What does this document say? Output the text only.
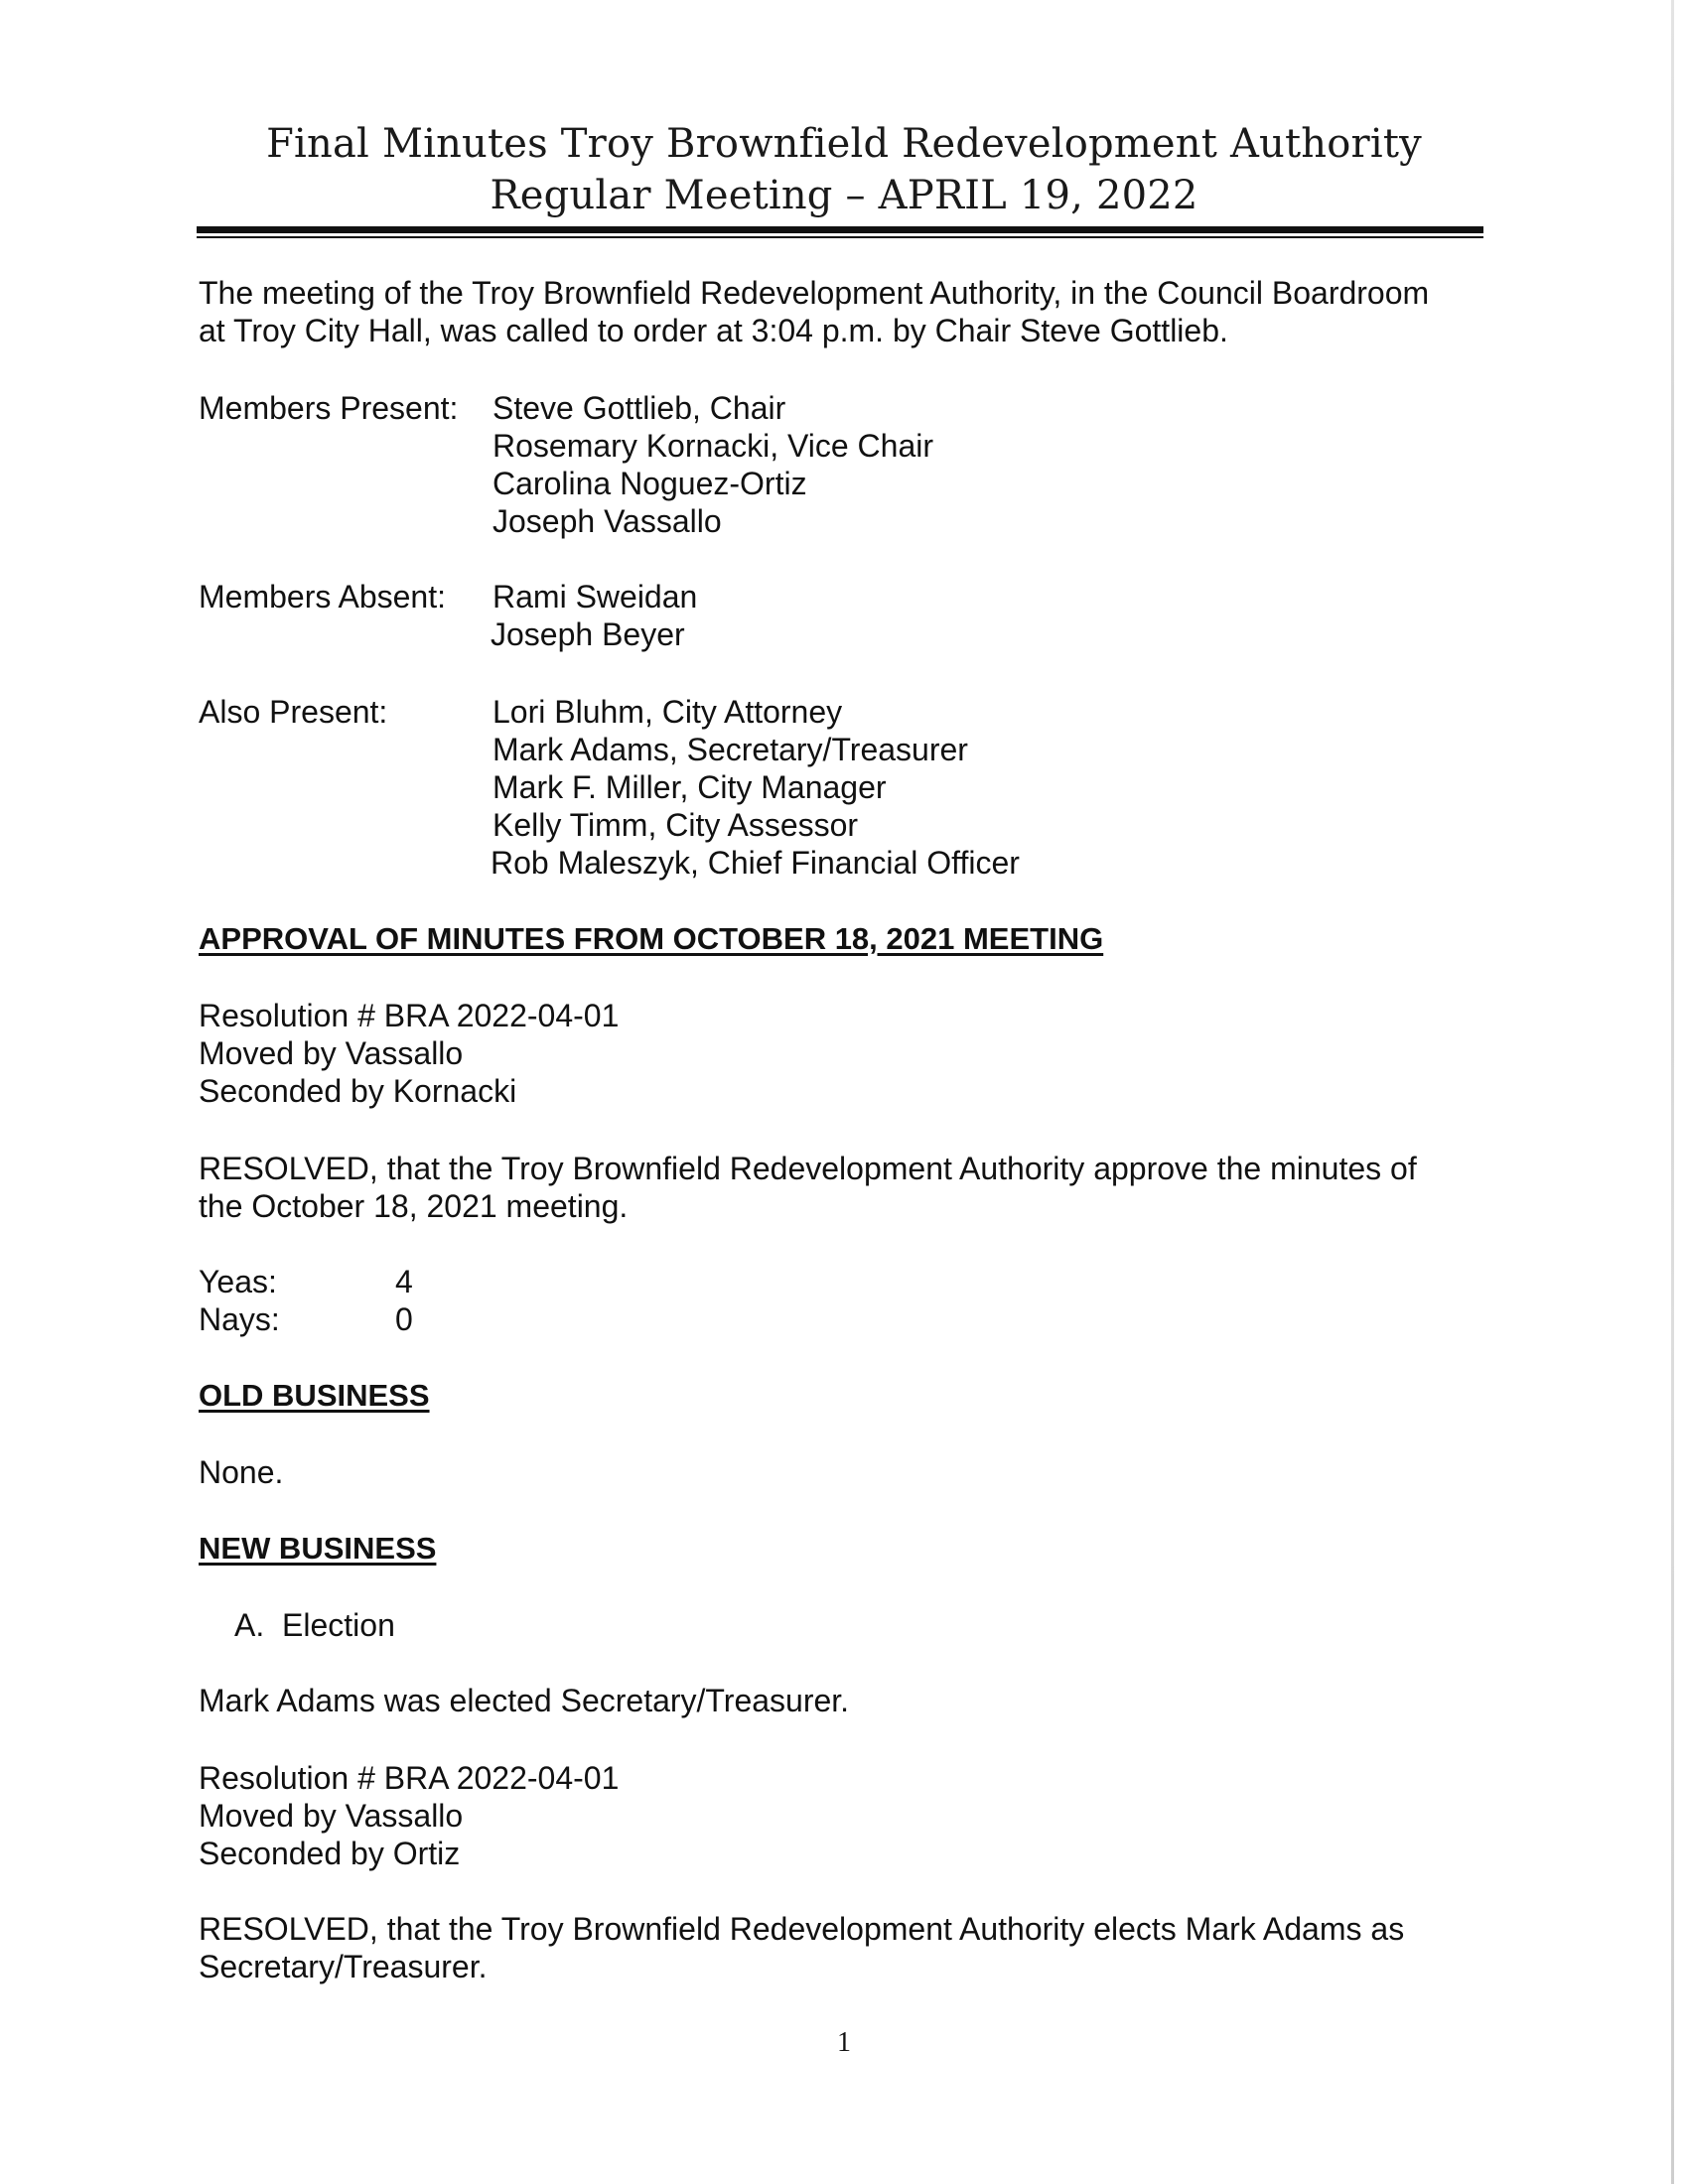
Final Minutes Troy Brownfield Redevelopment Authority
Regular Meeting – APRIL 19, 2022
The meeting of the Troy Brownfield Redevelopment Authority, in the Council Boardroom
at Troy City Hall, was called to order at 3:04 p.m. by Chair Steve Gottlieb.
Members Present: Steve Gottlieb, Chair
Rosemary Kornacki, Vice Chair
Carolina Noguez-Ortiz
Joseph Vassallo
Members Absent: Rami Sweidan
Joseph Beyer
Also Present:	Lori Bluhm, City Attorney
Mark Adams, Secretary/Treasurer
Mark F. Miller, City Manager
Kelly Timm, City Assessor
Rob Maleszyk, Chief Financial Officer
APPROVAL OF MINUTES FROM OCTOBER 18, 2021 MEETING
Resolution # BRA 2022-04-01
Moved by Vassallo
Seconded by Kornacki
RESOLVED, that the Troy Brownfield Redevelopment Authority approve the minutes of
the October 18, 2021 meeting.
Yeas:	4
Nays:	0
OLD BUSINESS
None.
NEW BUSINESS
A.  Election
Mark Adams was elected Secretary/Treasurer.
Resolution # BRA 2022-04-01
Moved by Vassallo
Seconded by Ortiz
RESOLVED, that the Troy Brownfield Redevelopment Authority elects Mark Adams as
Secretary/Treasurer.
1
